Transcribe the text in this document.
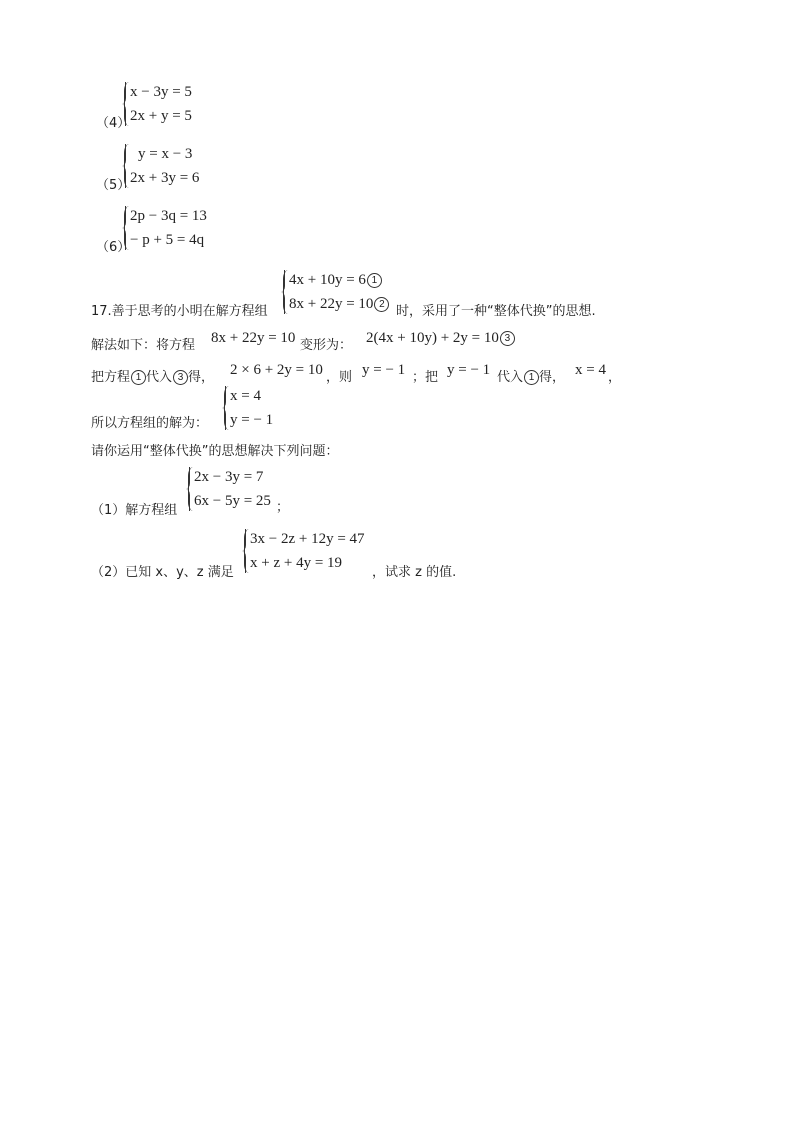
（4）
x − 3y = 5
2x + y = 5
（5）
y = x − 3
2x + 3y = 6
（6）
2p − 3q = 13
− p + 5 = 4q
17.善于思考的小明在解方程组
4x + 10y = 6 1
8x + 22y = 10 2 时，采用了一种“整体代换”的思想.
解法如下：将方程 8x + 22y = 10 变形为： 2(4x + 10y) + 2y = 10 3
把方程 1 代入 3 得， 2 × 6 + 2y = 10 ，则 y = − 1 ；把 y = − 1 代入 1 得， x = 4 ，
所以方程组的解为：
x = 4
y = − 1
请你运用“整体代换”的思想解决下列问题：
（1）解方程组
2x − 3y = 7
6x − 5y = 25 ；
（2）已知 x、y、z 满足
3x − 2z + 12y = 47
x + z + 4y = 19
，试求 z 的值.
